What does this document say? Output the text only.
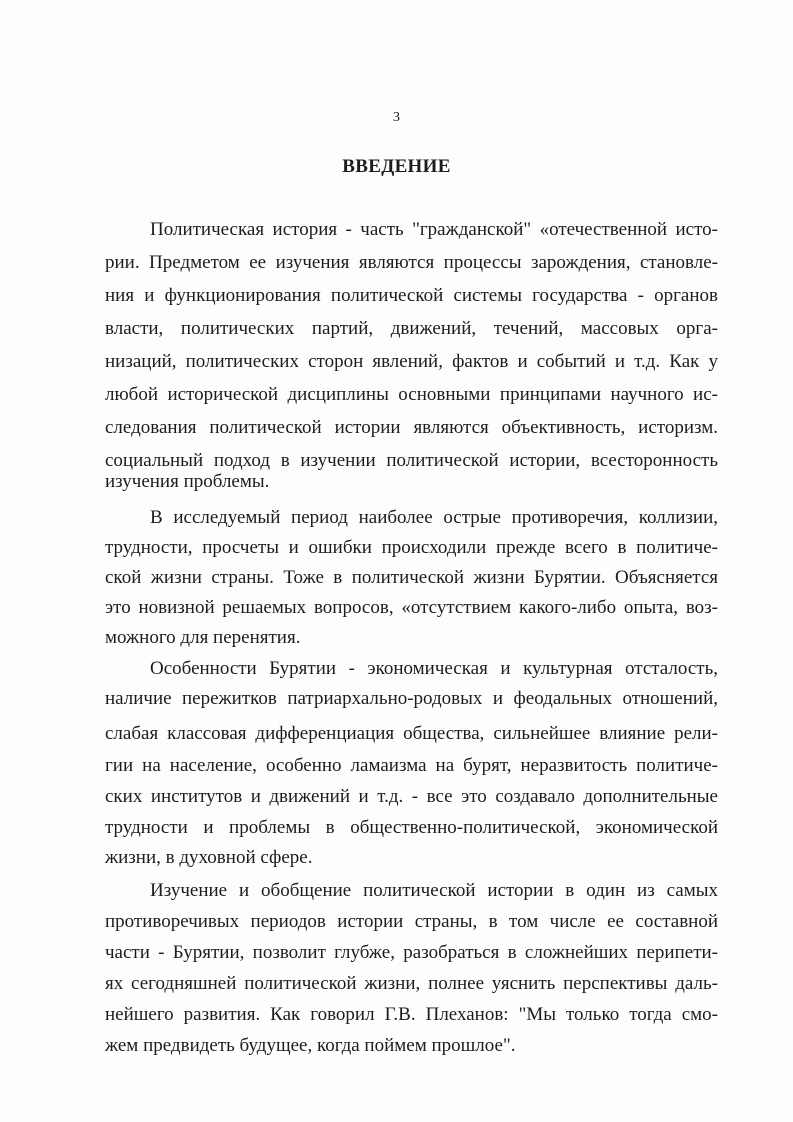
3
ВВЕДЕНИЕ
Политическая история - часть "гражданской" «отечественной исто-
рии. Предметом ее изучения являются процессы зарождения, становле-
ния и функционирования политической системы государства - органов
власти, политических партий, движений, течений, массовых орга-
низаций, политических сторон явлений, фактов и событий и т.д. Как у
любой исторической дисциплины основными принципами научного ис-
следования политической истории являются объективность, историзм.
социальный подход в изучении политической истории, всесторонность
изучения проблемы.
В исследуемый период наиболее острые противоречия, коллизии,
трудности, просчеты и ошибки происходили прежде всего в политиче-
ской жизни страны. Тоже в политической жизни Бурятии. Объясняется
это новизной решаемых вопросов, «отсутствием какого-либо опыта, воз-
можного для перенятия.
Особенности Бурятии - экономическая и культурная отсталость,
наличие пережитков патриархально-родовых и феодальных отношений,
слабая классовая дифференциация общества, сильнейшее влияние рели-
гии на население, особенно ламаизма на бурят, неразвитость политиче-
ских институтов и движений и т.д. - все это создавало дополнительные
трудности и проблемы в общественно-политической, экономической
жизни, в духовной сфере.
Изучение и обобщение политической истории в один из самых
противоречивых периодов истории страны, в том числе ее составной
части - Бурятии, позволит глубже, разобраться в сложнейших перипети-
ях сегодняшней политической жизни, полнее уяснить перспективы даль-
нейшего развития. Как говорил Г.В. Плеханов: "Мы только тогда смо-
жем предвидеть будущее, когда поймем прошлое".
